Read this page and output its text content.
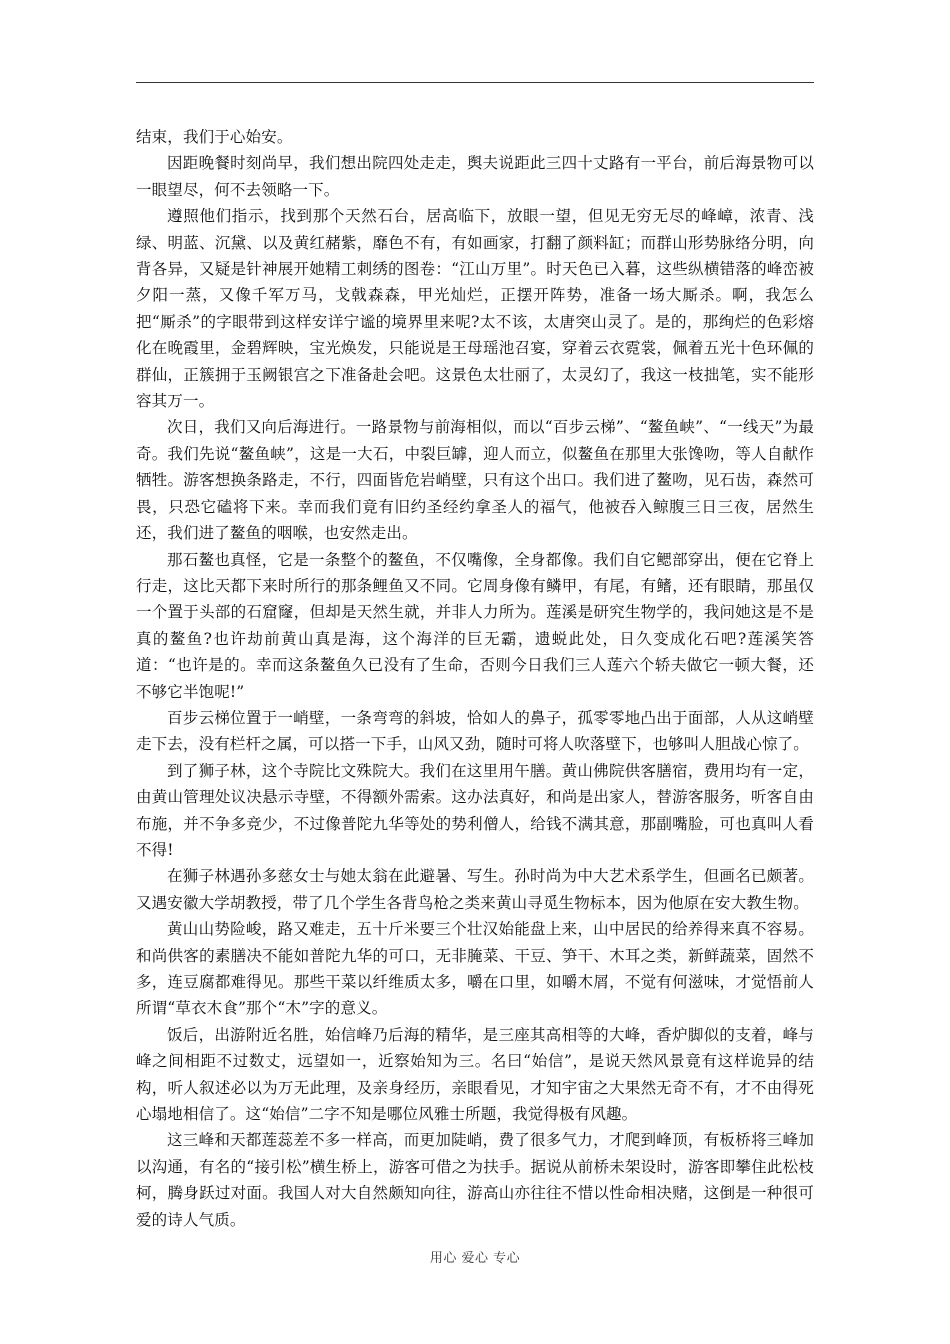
结束，我们于心始安。

因距晚餐时刻尚早，我们想出院四处走走，舆夫说距此三四十丈路有一平台，前后海景物可以一眼望尽，何不去领略一下。

遵照他们指示，找到那个天然石台，居高临下，放眼一望，但见无穷无尽的峰嶂，浓青、浅绿、明蓝、沉黛、以及黄红赭紫，靡色不有，有如画家，打翻了颜料缸；而群山形势脉络分明，向背各异，又疑是针神展开她精工刺绣的图卷：“江山万里”。时天色已入暮，这些纵横错落的峰峦被夕阳一蒸，又像千军万马，戈戟森森，甲光灿烂，正摆开阵势，准备一场大厮杀。啊，我怎么把“厮杀”的字眼带到这样安详宁谧的境界里来呢?太不该，太唐突山灵了。是的，那绚烂的色彩熔化在晚霞里，金碧辉映，宝光焕发，只能说是王母瑶池召宴，穿着云衣霓裳，佩着五光十色环佩的群仙，正簇拥于玉阙银宫之下准备赴会吧。这景色太壮丽了，太灵幻了，我这一枝拙笔，实不能形容其万一。

次日，我们又向后海进行。一路景物与前海相似，而以“百步云梯”、“鳌鱼峡”、“一线天”为最奇。我们先说“鳌鱼峡”，这是一大石，中裂巨罅，迎人而立，似鳌鱼在那里大张馋吻，等人自献作牺牲。游客想换条路走，不行，四面皆危岩峭壁，只有这个出口。我们进了鳌吻，见石齿，森然可畏，只恐它磕将下来。幸而我们竟有旧约圣经约拿圣人的福气，他被吞入鲸腹三日三夜，居然生还，我们进了鳌鱼的咽喉，也安然走出。

那石鳌也真怪，它是一条整个的鳌鱼，不仅嘴像，全身都像。我们自它鳃部穿出，便在它脊上行走，这比天都下来时所行的那条鲤鱼又不同。它周身像有鳞甲，有尾，有鳍，还有眼睛，那虽仅一个置于头部的石窟窿，但却是天然生就，并非人力所为。莲溪是研究生物学的，我问她这是不是真的鳌鱼?也许劫前黄山真是海，这个海洋的巨无霸，遗蜕此处，日久变成化石吧?莲溪笑答道：“也许是的。幸而这条鳌鱼久已没有了生命，否则今日我们三人莲六个轿夫做它一顿大餐，还不够它半饱呢!”

百步云梯位置于一峭壁，一条弯弯的斜坡，恰如人的鼻子，孤零零地凸出于面部，人从这峭壁走下去，没有栏杆之属，可以搭一下手，山风又劲，随时可将人吹落壁下，也够叫人胆战心惊了。

到了狮子林，这个寺院比文殊院大。我们在这里用午膳。黄山佛院供客膳宿，费用均有一定，由黄山管理处议决悬示寺壁，不得额外需索。这办法真好，和尚是出家人，替游客服务，听客自由布施，并不争多竞少，不过像普陀九华等处的势利僧人，给钱不满其意，那副嘴脸，可也真叫人看不得!

在狮子林遇孙多慈女士与她太翁在此避暑、写生。孙时尚为中大艺术系学生，但画名已颇著。又遇安徽大学胡教授，带了几个学生各背鸟枪之类来黄山寻觅生物标本，因为他原在安大教生物。

黄山山势险峻，路又难走，五十斤米要三个壮汉始能盘上来，山中居民的给养得来真不容易。和尚供客的素膳决不能如普陀九华的可口，无非腌菜、干豆、笋干、木耳之类，新鲜蔬菜，固然不多，连豆腐都难得见。那些干菜以纤维质太多，嚼在口里，如嚼木屑，不觉有何滋味，才觉悟前人所谓“草衣木食”那个“木”字的意义。

饭后，出游附近名胜，始信峰乃后海的精华，是三座其高相等的大峰，香炉脚似的支着，峰与峰之间相距不过数丈，远望如一，近察始知为三。名曰“始信”，是说天然风景竟有这样诡异的结构，听人叙述必以为万无此理，及亲身经历，亲眼看见，才知宇宙之大果然无奇不有，才不由得死心塌地相信了。这“始信”二字不知是哪位风雅士所题，我觉得极有风趣。

这三峰和天都莲蕊差不多一样高，而更加陡峭，费了很多气力，才爬到峰顶，有板桥将三峰加以沟通，有名的“接引松”横生桥上，游客可借之为扶手。据说从前桥未架设时，游客即攀住此松枝柯，腾身跃过对面。我国人对大自然颇知向往，游高山亦往往不惜以性命相决赌，这倒是一种很可爱的诗人气质。

用心 爱心 专心
